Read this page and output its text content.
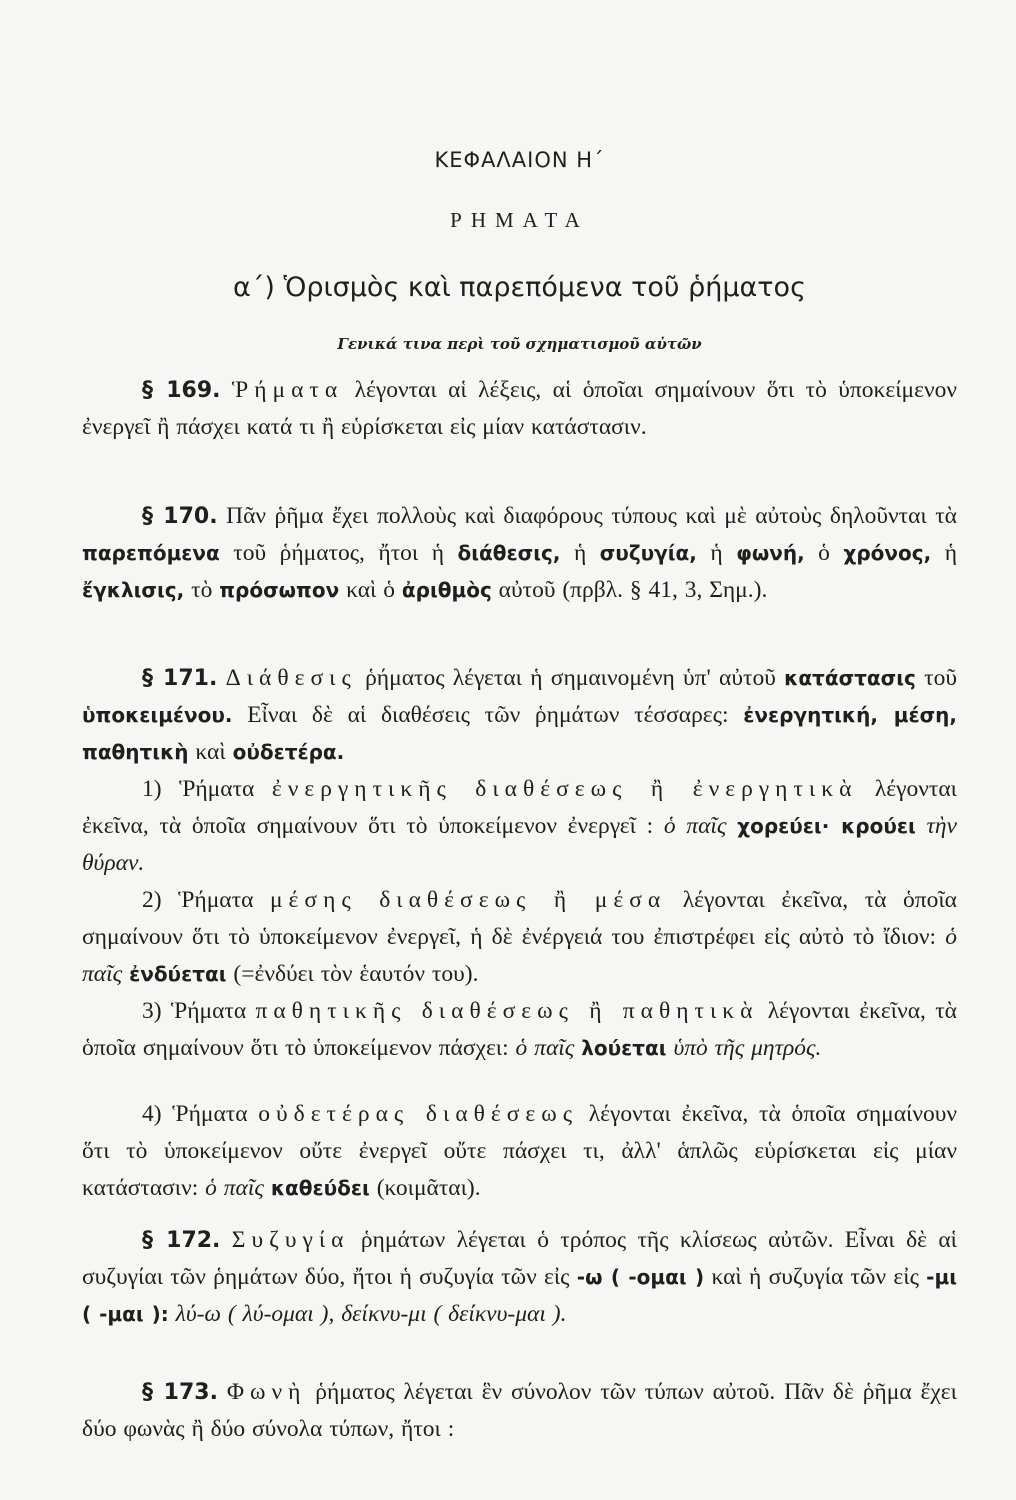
ΚΕΦΑΛΑΙΟΝ Η΄
ΡΗΜΑΤΑ
α΄) Ὁρισμὸς καὶ παρεπόμενα τοῦ ῥήματος
Γενικά τινα περὶ τοῦ σχηματισμοῦ αὐτῶν
§ 169. Ῥήματα λέγονται αἱ λέξεις, αἱ ὁποῖαι σημαίνουν ὅτι τὸ ὑποκείμενον ἐνεργεῖ ἢ πάσχει κατά τι ἢ εὑρίσκεται εἰς μίαν κατάστασιν.
§ 170. Πᾶν ῥῆμα ἔχει πολλοὺς καὶ διαφόρους τύπους καὶ μὲ αὐτοὺς δηλοῦνται τὰ παρεπόμενα τοῦ ῥήματος, ἤτοι ἡ διάθεσις, ἡ συζυγία, ἡ φωνή, ὁ χρόνος, ἡ ἔγκλισις, τὸ πρόσωπον καὶ ὁ ἀριθμὸς αὐτοῦ (πρβλ. § 41, 3, Σημ.).
§ 171. Διάθεσις ῥήματος λέγεται ἡ σημαινομένη ὑπ' αὐτοῦ κατάστασις τοῦ ὑποκειμένου. Εἶναι δὲ αἱ διαθέσεις τῶν ῥημάτων τέσσαρες: ἐνεργητική, μέση, παθητικὴ καὶ οὐδετέρα.
1) Ῥήματα ἐνεργητικῆς διαθέσεως ἢ ἐνεργητικὰ λέγονται ἐκεῖνα, τὰ ὁποῖα σημαίνουν ὅτι τὸ ὑποκείμενον ἐνεργεῖ : ὁ παῖς χορεύει· κρούει τὴν θύραν.
2) Ῥήματα μέσης διαθέσεως ἢ μέσα λέγονται ἐκεῖνα, τὰ ὁποῖα σημαίνουν ὅτι τὸ ὑποκείμενον ἐνεργεῖ, ἡ δὲ ἐνέργειά του ἐπιστρέφει εἰς αὐτὸ τὸ ἴδιον: ὁ παῖς ἐνδύεται (=ἐνδύει τὸν ἑαυτόν του).
3) Ῥήματα παθητικῆς διαθέσεως ἢ παθητικὰ λέγονται ἐκεῖνα, τὰ ὁποῖα σημαίνουν ὅτι τὸ ὑποκείμενον πάσχει: ὁ παῖς λούεται ὑπὸ τῆς μητρός.
4) Ῥήματα οὐδετέρας διαθέσεως λέγονται ἐκεῖνα, τὰ ὁποῖα σημαίνουν ὅτι τὸ ὑποκείμενον οὔτε ἐνεργεῖ οὔτε πάσχει τι, ἀλλ' ἁπλῶς εὑρίσκεται εἰς μίαν κατάστασιν: ὁ παῖς καθεύδει (κοιμᾶται).
§ 172. Συζυγία ῥημάτων λέγεται ὁ τρόπος τῆς κλίσεως αὐτῶν. Εἶναι δὲ αἱ συζυγίαι τῶν ῥημάτων δύο, ἤτοι ἡ συζυγία τῶν εἰς -ω ( -ομαι ) καὶ ἡ συζυγία τῶν εἰς -μι ( -μαι ): λύ-ω ( λύ-ομαι ), δείκνυ-μι ( δείκνυ-μαι ).
§ 173. Φωνὴ ῥήματος λέγεται ἓν σύνολον τῶν τύπων αὐτοῦ. Πᾶν δὲ ῥῆμα ἔχει δύο φωνὰς ἢ δύο σύνολα τύπων, ἤτοι :
